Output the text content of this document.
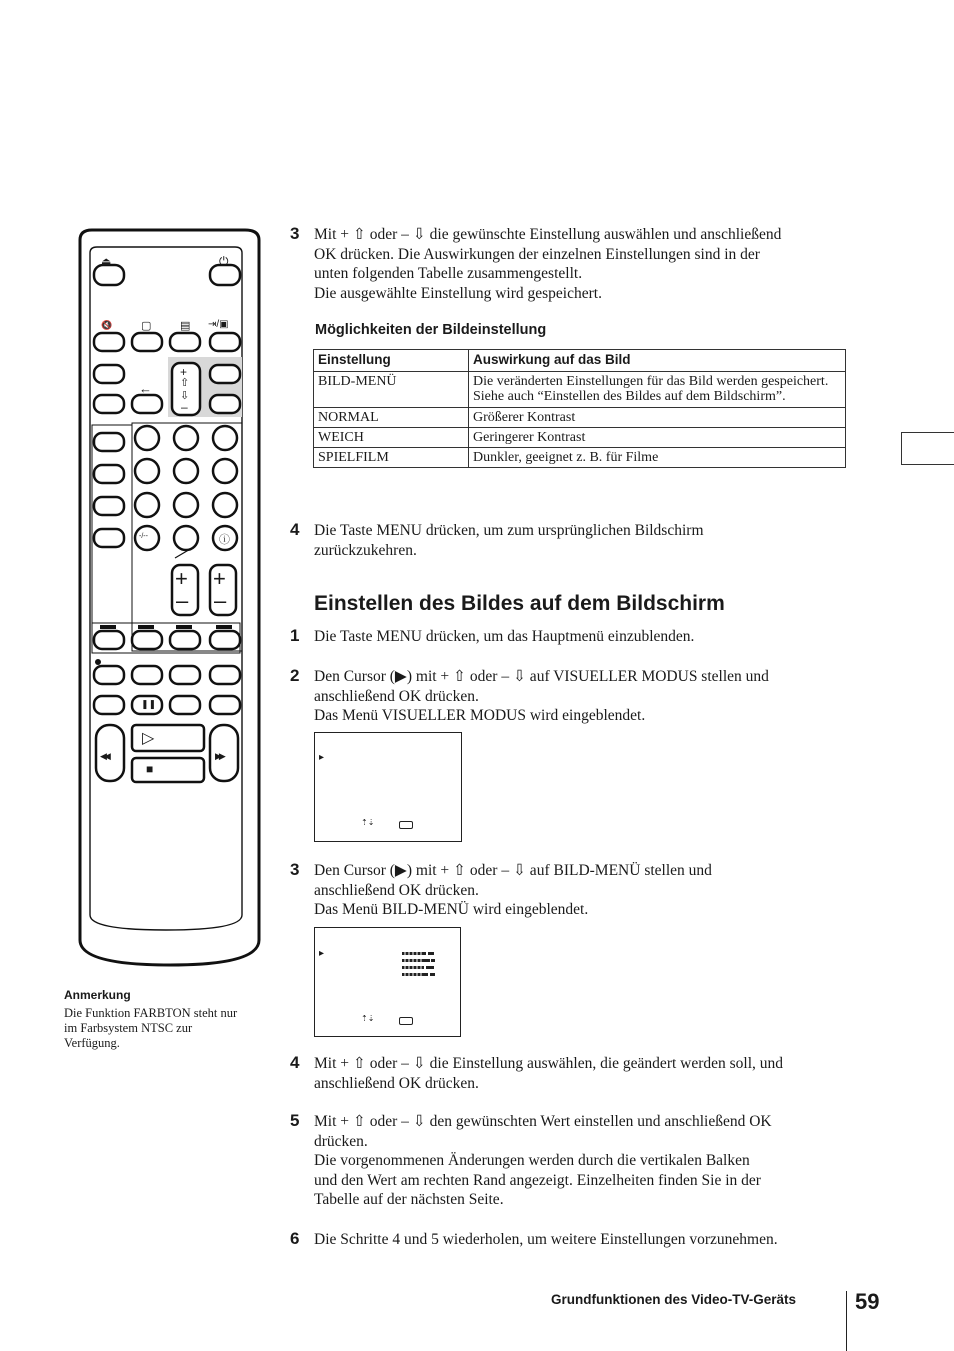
⏏	⏻
🔇	▢	▤ ⇥/▣
←
+
⇧
⇩
–
-/--	ⓘ
+
–
+
–
❚❚
▷
■
◀◀	▶▶
3 Mit + ⇧ oder – ⇩ die gewünschte Einstellung auswählen und anschließend
OK drücken. Die Auswirkungen der einzelnen Einstellungen sind in der
unten folgenden Tabelle zusammengestellt.
Die ausgewählte Einstellung wird gespeichert.
Möglichkeiten der Bildeinstellung
Einstellung	Auswirkung auf das Bild
BILD-MENÜ	Die veränderten Einstellungen für das Bild werden gespeichert. Siehe auch “Einstellen des Bildes auf dem Bildschirm”.
NORMAL	Größerer Kontrast
WEICH	Geringerer Kontrast
SPIELFILM	Dunkler, geeignet z. B. für Filme
4 Die Taste MENU drücken, um zum ursprünglichen Bildschirm
zurückzukehren.
Einstellen des Bildes auf dem Bildschirm
1 Die Taste MENU drücken, um das Hauptmenü einzublenden.
2 Den Cursor (▶) mit + ⇧ oder – ⇩ auf VISUELLER MODUS stellen und
anschließend OK drücken.
Das Menü VISUELLER MODUS wird eingeblendet.
▸
⇡⇣
3 Den Cursor (▶) mit + ⇧ oder – ⇩ auf BILD-MENÜ stellen und
anschließend OK drücken.
Das Menü BILD-MENÜ wird eingeblendet.
▸
⇡⇣
4 Mit + ⇧ oder – ⇩ die Einstellung auswählen, die geändert werden soll, und
anschließend OK drücken.
5 Mit + ⇧ oder – ⇩ den gewünschten Wert einstellen und anschließend OK
drücken.
Die vorgenommenen Änderungen werden durch die vertikalen Balken
und den Wert am rechten Rand angezeigt. Einzelheiten finden Sie in der
Tabelle auf der nächsten Seite.
6 Die Schritte 4 und 5 wiederholen, um weitere Einstellungen vorzunehmen.
Anmerkung
Die Funktion FARBTON steht nur
im Farbsystem NTSC zur
Verfügung.
Grundfunktionen des Video-TV-Geräts	59
